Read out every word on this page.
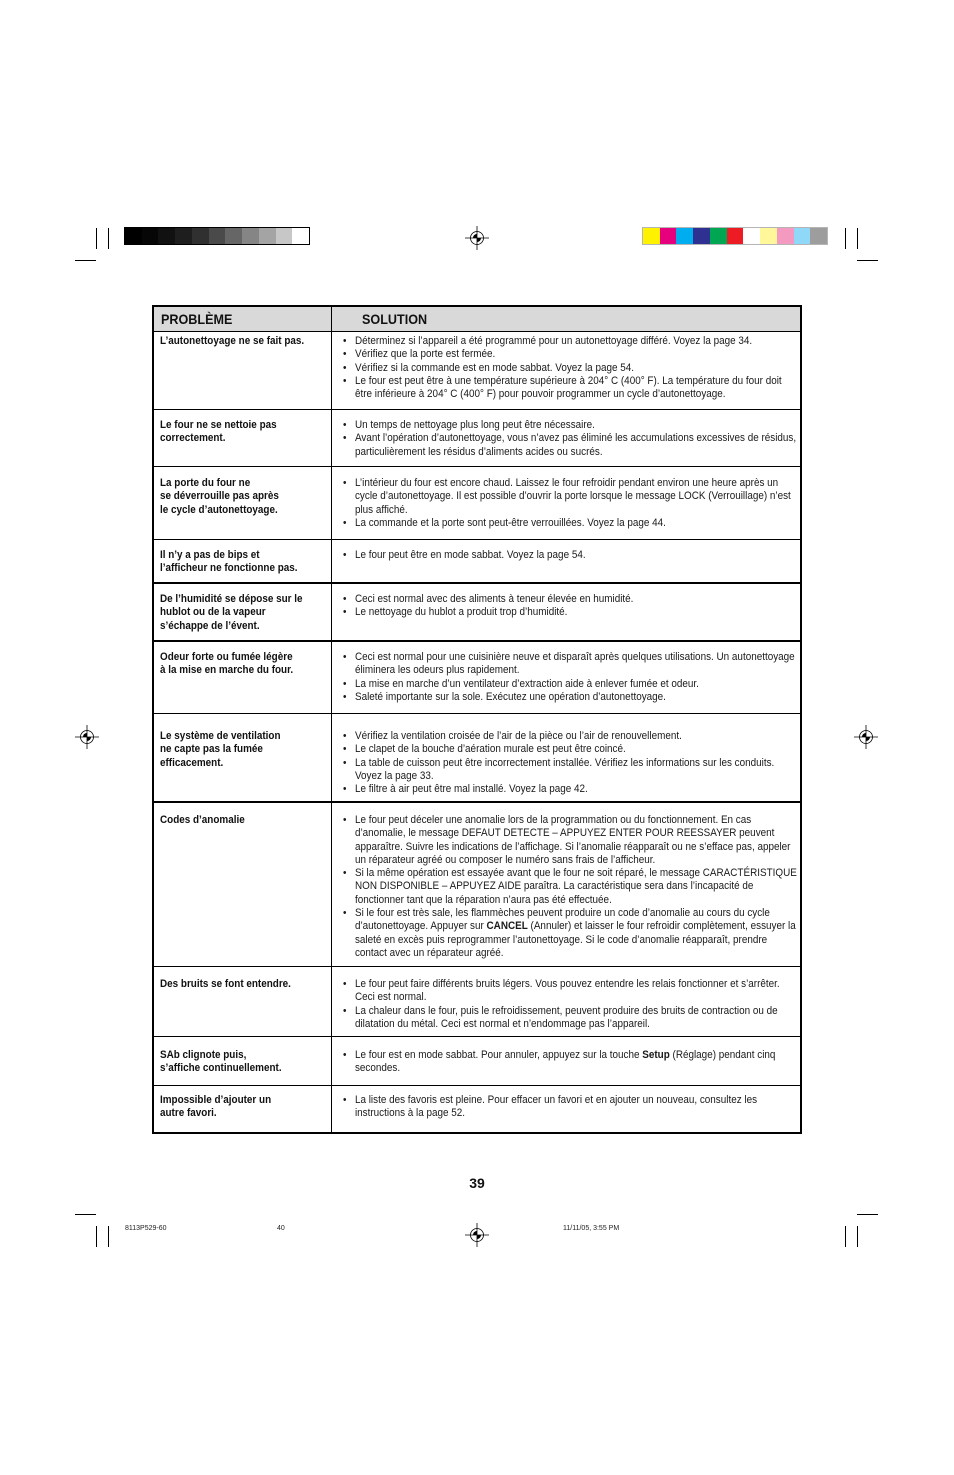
PROBLÈME	SOLUTION
L’autonettoyage ne se fait pas.	• Déterminez si l’appareil a été programmé pour un autonettoyage différé. Voyez la page 34.
• Vérifiez que la porte est fermée.
• Vérifiez si la commande est en mode sabbat. Voyez la page 54.
• Le four est peut être à une température supérieure à 204° C (400° F). La température du four doit être inférieure à 204° C (400° F) pour pouvoir programmer un cycle d’autonettoyage.
Le four ne se nettoie pas
correctement.
• Un temps de nettoyage plus long peut être nécessaire.
• Avant l’opération d’autonettoyage, vous n’avez pas éliminé les accumulations excessives de résidus, particulièrement les résidus d’aliments acides ou sucrés.
La porte du four ne
se déverrouille pas après
le cycle d’autonettoyage.
• L’intérieur du four est encore chaud. Laissez le four refroidir pendant environ une heure après un cycle d’autonettoyage. Il est possible d’ouvrir la porte lorsque le message LOCK (Verrouillage) n’est plus affiché.
• La commande et la porte sont peut-être verrouillées. Voyez la page 44.
Il n’y a pas de bips et
l’afficheur ne fonctionne pas.
• Le four peut être en mode sabbat. Voyez la page 54.
De l’humidité se dépose sur le
hublot ou de la vapeur
s’échappe de l’évent.
• Ceci est normal avec des aliments à teneur élevée en humidité.
• Le nettoyage du hublot a produit trop d’humidité.
Odeur forte ou fumée légère
à la mise en marche du four.
• Ceci est normal pour une cuisinière neuve et disparaît après quelques utilisations. Un autonettoyage éliminera les odeurs plus rapidement.
• La mise en marche d’un ventilateur d’extraction aide à enlever fumée et odeur.
• Saleté importante sur la sole. Exécutez une opération d’autonettoyage.
Le système de ventilation
ne capte pas la fumée
efficacement.
• Vérifiez la ventilation croisée de l’air de la pièce ou l’air de renouvellement.
• Le clapet de la bouche d’aération murale est peut être coincé.
• La table de cuisson peut être incorrectement installée. Vérifiez les informations sur les conduits. Voyez la page 33.
• Le filtre à air peut être mal installé. Voyez la page 42.
Codes d’anomalie	• Le four peut déceler une anomalie lors de la programmation ou du fonctionnement. En cas d’anomalie, le message DEFAUT DETECTE – APPUYEZ ENTER POUR REESSAYER peuvent apparaître. Suivre les indications de l’affichage. Si l’anomalie réapparaît ou ne s’efface pas, appeler un réparateur agréé ou composer le numéro sans frais de l’afficheur.
• Si la même opération est essayée avant que le four ne soit réparé, le message CARACTÉRISTIQUE NON DISPONIBLE – APPUYEZ AIDE paraîtra. La caractéristique sera dans l’incapacité de fonctionner tant que la réparation n’aura pas été effectuée.
• Si le four est très sale, les flammèches peuvent produire un code d’anomalie au cours du cycle d’autonettoyage. Appuyer sur CANCEL (Annuler) et laisser le four refroidir complètement, essuyer la saleté en excès puis reprogrammer l’autonettoyage. Si le code d’anomalie réapparaît, prendre contact avec un réparateur agréé.
Des bruits se font entendre.	• Le four peut faire différents bruits légers. Vous pouvez entendre les relais fonctionner et s’arrêter. Ceci est normal.
• La chaleur dans le four, puis le refroidissement, peuvent produire des bruits de contraction ou de dilatation du métal. Ceci est normal et n’endommage pas l’appareil.
SAb clignote puis,
s’affiche continuellement.
• Le four est en mode sabbat. Pour annuler, appuyez sur la touche Setup (Réglage) pendant cinq secondes.
Impossible d’ajouter un
autre favori.
• La liste des favoris est pleine. Pour effacer un favori et en ajouter un nouveau, consultez les instructions à la page 52.
39
8113P529-60	40	11/11/05, 3:55 PM
